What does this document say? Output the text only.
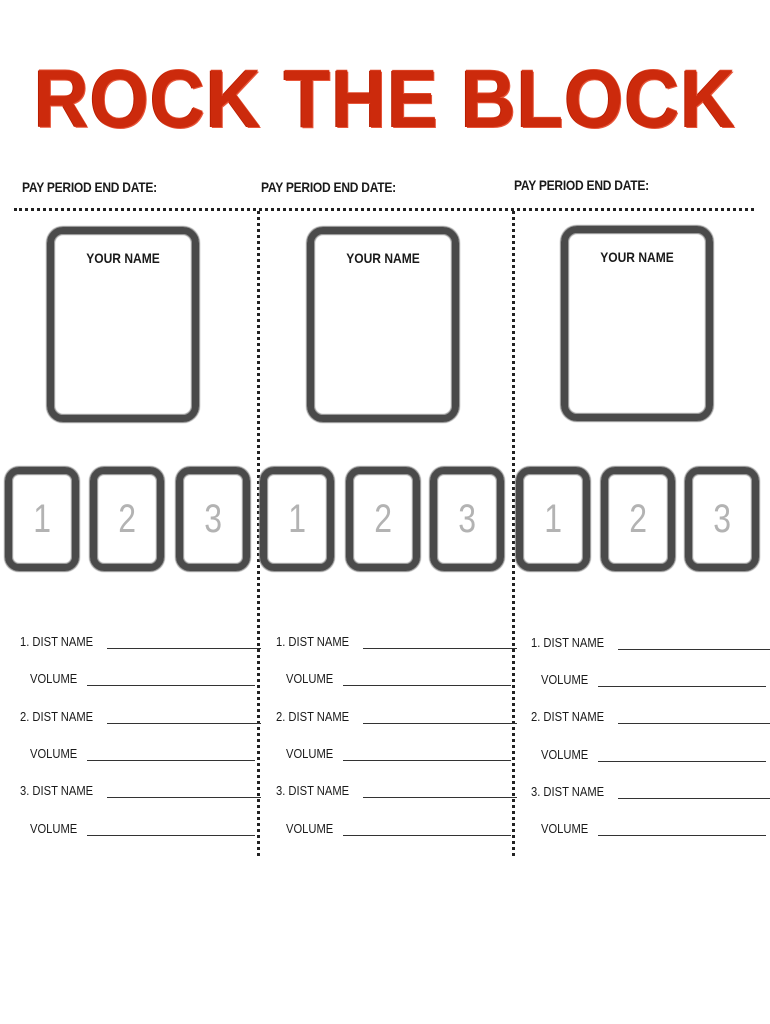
ROCK THE BLOCK
PAY PERIOD END DATE:
YOUR NAME
1 2 3
1. DIST NAME
VOLUME
2. DIST NAME
VOLUME
3. DIST NAME
VOLUME
PAY PERIOD END DATE:
YOUR NAME
1 2 3
1. DIST NAME
VOLUME
2. DIST NAME
VOLUME
3. DIST NAME
VOLUME
PAY PERIOD END DATE:
YOUR NAME
1 2 3
1. DIST NAME
VOLUME
2. DIST NAME
VOLUME
3. DIST NAME
VOLUME
